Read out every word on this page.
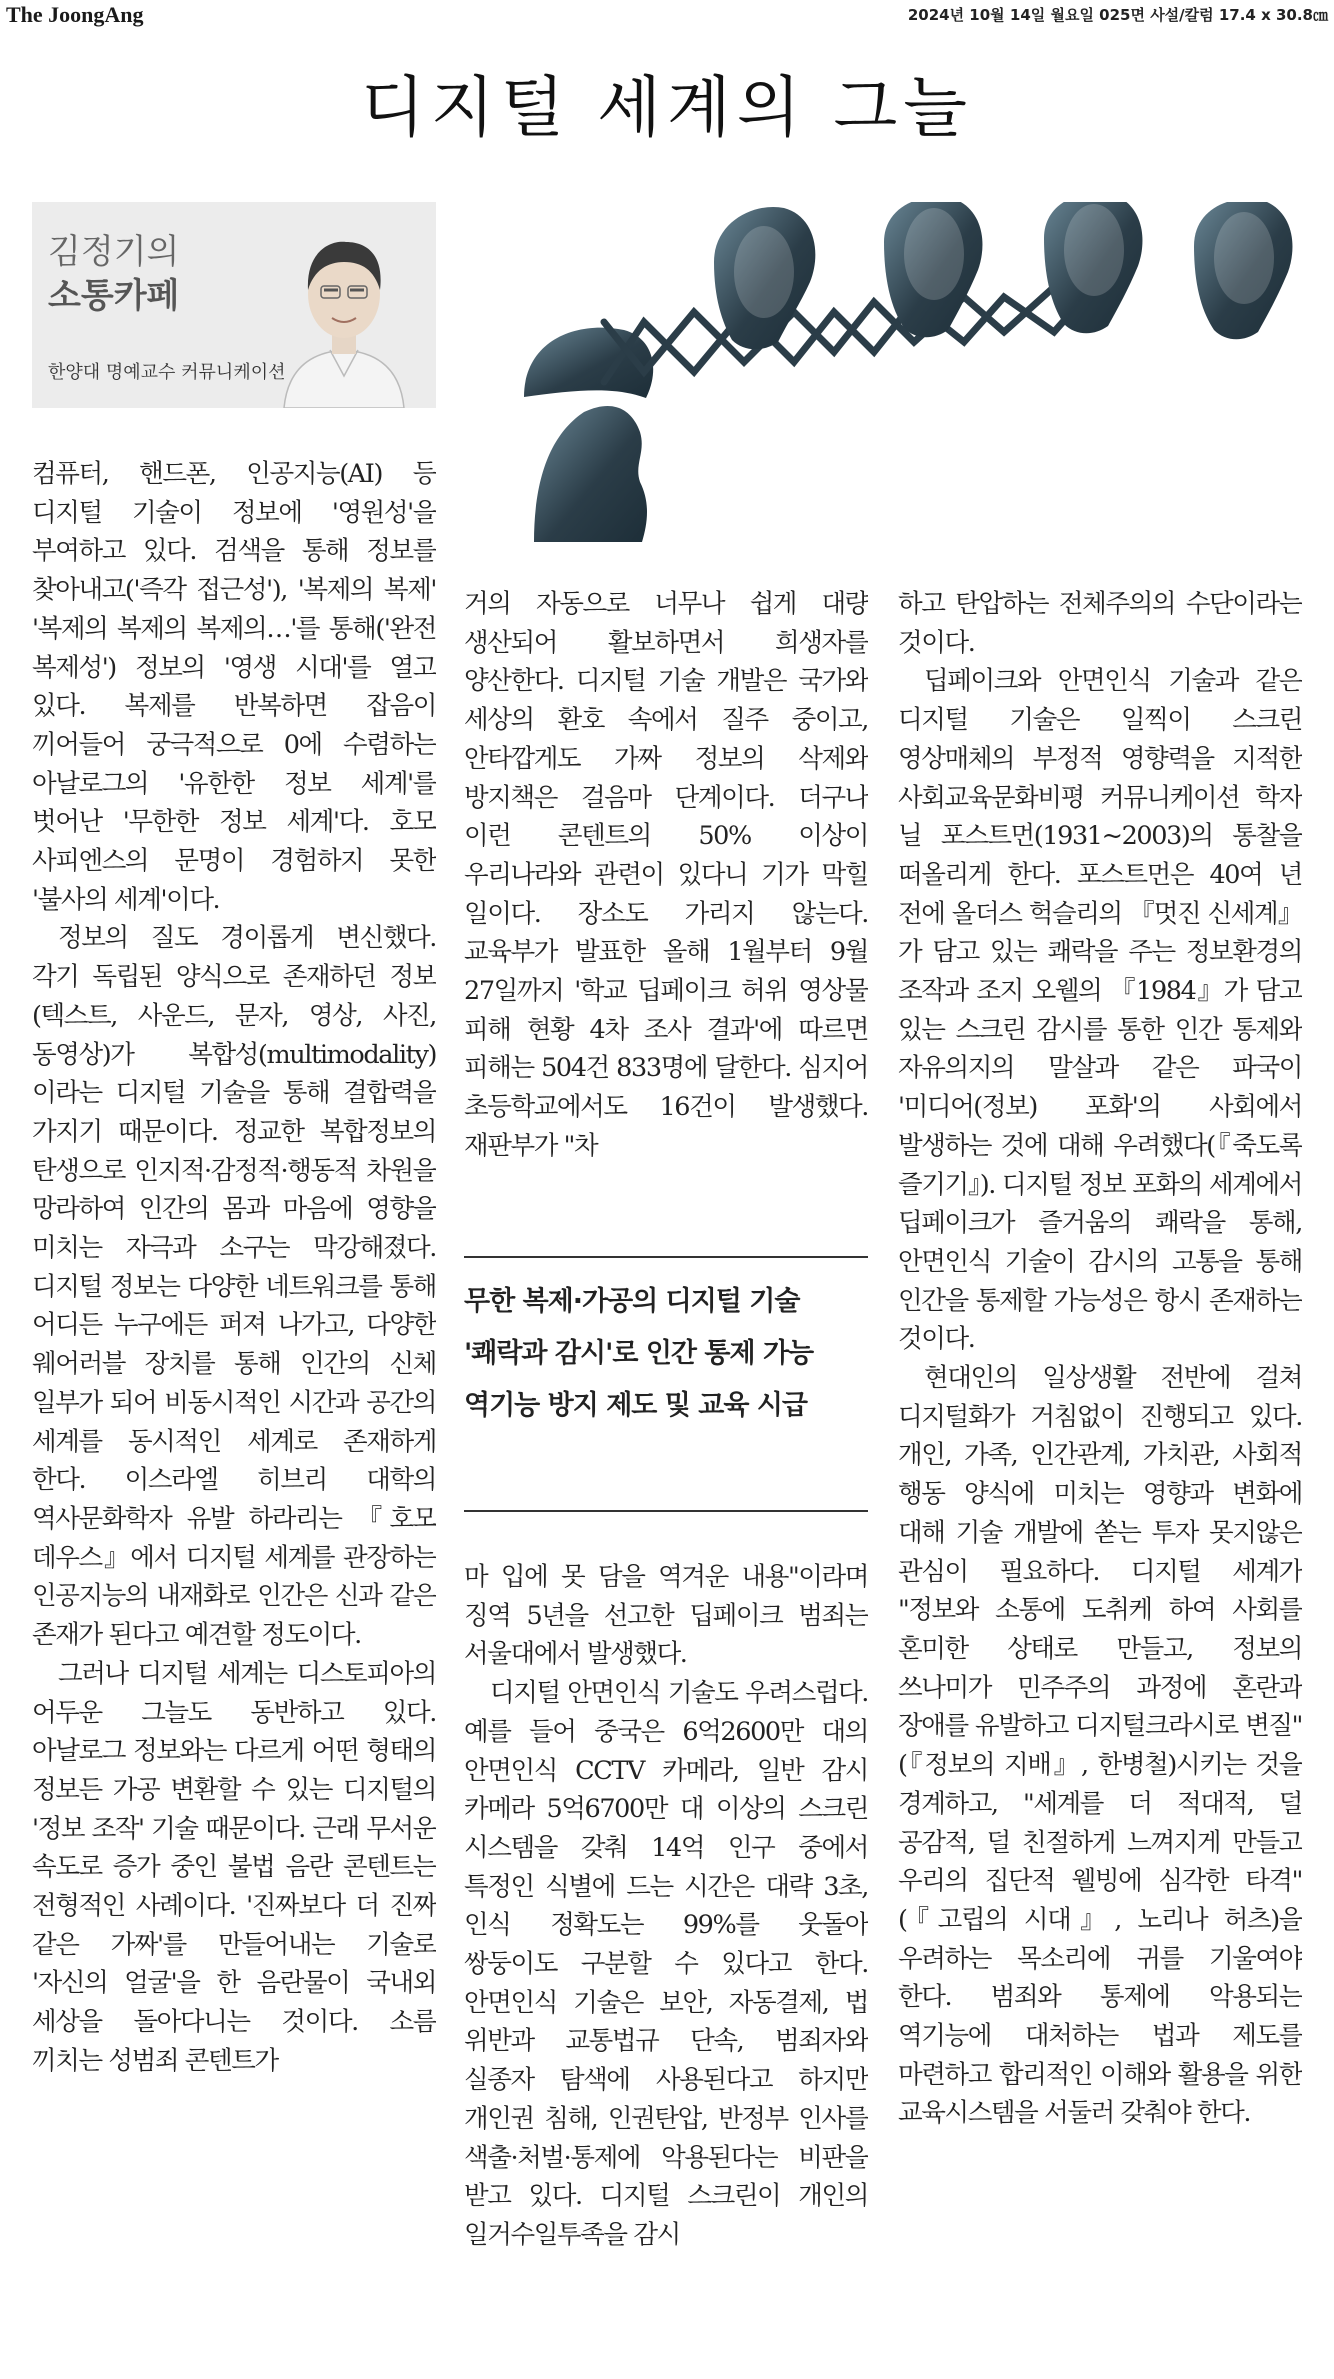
The JoongAng	2024년 10월 14일 월요일 025면 사설/칼럼 17.4 x 30.8㎝
디지털 세계의 그늘
김정기의
소통카페
한양대 명예교수 커뮤니케이션

컴퓨터, 핸드폰, 인공지능(AI) 등 디지털 기술이 정보에 '영원성'을 부여하고 있다. 검색을 통해 정보를 찾아내고('즉각 접근성'), '복제의 복제' '복제의 복제의 복제의…'를 통해('완전 복제성') 정보의 '영생 시대'를 열고 있다. 복제를 반복하면 잡음이 끼어들어 궁극적으로 0에 수렴하는 아날로그의 '유한한 정보 세계'를 벗어난 '무한한 정보 세계'다. 호모 사피엔스의 문명이 경험하지 못한 '불사의 세계'이다.

정보의 질도 경이롭게 변신했다. 각기 독립된 양식으로 존재하던 정보(텍스트, 사운드, 문자, 영상, 사진, 동영상)가 복합성(multimodality)이라는 디지털 기술을 통해 결합력을 가지기 때문이다. 정교한 복합정보의 탄생으로 인지적·감정적·행동적 차원을 망라하여 인간의 몸과 마음에 영향을 미치는 자극과 소구는 막강해졌다. 디지털 정보는 다양한 네트워크를 통해 어디든 누구에든 퍼져 나가고, 다양한 웨어러블 장치를 통해 인간의 신체 일부가 되어 비동시적인 시간과 공간의 세계를 동시적인 세계로 존재하게 한다. 이스라엘 히브리 대학의 역사문화학자 유발 하라리는 『호모 데우스』에서 디지털 세계를 관장하는 인공지능의 내재화로 인간은 신과 같은 존재가 된다고 예견할 정도이다.

그러나 디지털 세계는 디스토피아의 어두운 그늘도 동반하고 있다. 아날로그 정보와는 다르게 어떤 형태의 정보든 가공 변환할 수 있는 디지털의 '정보 조작' 기술 때문이다. 근래 무서운 속도로 증가 중인 불법 음란 콘텐트는 전형적인 사례이다. '진짜보다 더 진짜 같은 가짜'를 만들어내는 기술로 '자신의 얼굴'을 한 음란물이 국내외 세상을 돌아다니는 것이다. 소름 끼치는 성범죄 콘텐트가

거의 자동으로 너무나 쉽게 대량 생산되어 활보하면서 희생자를 양산한다. 디지털 기술 개발은 국가와 세상의 환호 속에서 질주 중이고, 안타깝게도 가짜 정보의 삭제와 방지책은 걸음마 단계이다. 더구나 이런 콘텐트의 50% 이상이 우리나라와 관련이 있다니 기가 막힐 일이다. 장소도 가리지 않는다. 교육부가 발표한 올해 1월부터 9월 27일까지 '학교 딥페이크 허위 영상물 피해 현황 4차 조사 결과'에 따르면 피해는 504건 833명에 달한다. 심지어 초등학교에서도 16건이 발생했다. 재판부가 "차

무한 복제·가공의 디지털 기술
'쾌락과 감시'로 인간 통제 가능
역기능 방지 제도 및 교육 시급

마 입에 못 담을 역겨운 내용"이라며 징역 5년을 선고한 딥페이크 범죄는 서울대에서 발생했다.

디지털 안면인식 기술도 우려스럽다. 예를 들어 중국은 6억2600만 대의 안면인식 CCTV 카메라, 일반 감시 카메라 5억6700만 대 이상의 스크린 시스템을 갖춰 14억 인구 중에서 특정인 식별에 드는 시간은 대략 3초, 인식 정확도는 99%를 웃돌아 쌍둥이도 구분할 수 있다고 한다. 안면인식 기술은 보안, 자동결제, 법 위반과 교통법규 단속, 범죄자와 실종자 탐색에 사용된다고 하지만 개인권 침해, 인권탄압, 반정부 인사를 색출·처벌·통제에 악용된다는 비판을 받고 있다. 디지털 스크린이 개인의 일거수일투족을 감시

하고 탄압하는 전체주의의 수단이라는 것이다.

딥페이크와 안면인식 기술과 같은 디지털 기술은 일찍이 스크린 영상매체의 부정적 영향력을 지적한 사회교육문화비평 커뮤니케이션 학자 닐 포스트먼(1931~2003)의 통찰을 떠올리게 한다. 포스트먼은 40여 년 전에 올더스 헉슬리의 『멋진 신세계』가 담고 있는 쾌락을 주는 정보환경의 조작과 조지 오웰의 『1984』가 담고 있는 스크린 감시를 통한 인간 통제와 자유의지의 말살과 같은 파국이 '미디어(정보) 포화'의 사회에서 발생하는 것에 대해 우려했다(『죽도록 즐기기』). 디지털 정보 포화의 세계에서 딥페이크가 즐거움의 쾌락을 통해, 안면인식 기술이 감시의 고통을 통해 인간을 통제할 가능성은 항시 존재하는 것이다.

현대인의 일상생활 전반에 걸쳐 디지털화가 거침없이 진행되고 있다. 개인, 가족, 인간관계, 가치관, 사회적 행동 양식에 미치는 영향과 변화에 대해 기술 개발에 쏟는 투자 못지않은 관심이 필요하다. 디지털 세계가 "정보와 소통에 도취케 하여 사회를 혼미한 상태로 만들고, 정보의 쓰나미가 민주주의 과정에 혼란과 장애를 유발하고 디지털크라시로 변질"(『정보의 지배』, 한병철)시키는 것을 경계하고, "세계를 더 적대적, 덜 공감적, 덜 친절하게 느껴지게 만들고 우리의 집단적 웰빙에 심각한 타격"(『고립의 시대』, 노리나 허츠)을 우려하는 목소리에 귀를 기울여야 한다. 범죄와 통제에 악용되는 역기능에 대처하는 법과 제도를 마련하고 합리적인 이해와 활용을 위한 교육시스템을 서둘러 갖춰야 한다.
